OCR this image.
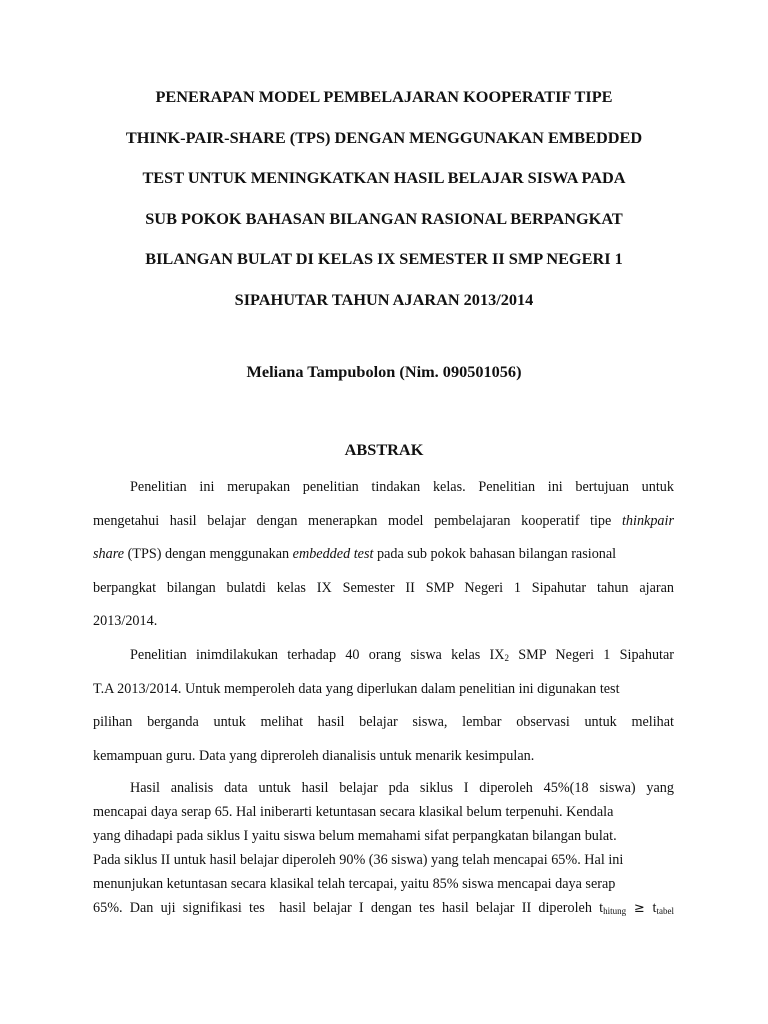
PENERAPAN MODEL PEMBELAJARAN KOOPERATIF TIPE
THINK-PAIR-SHARE (TPS) DENGAN MENGGUNAKAN EMBEDDED
TEST UNTUK MENINGKATKAN HASIL BELAJAR SISWA PADA
SUB POKOK BAHASAN BILANGAN RASIONAL BERPANGKAT
BILANGAN BULAT DI KELAS IX SEMESTER II SMP NEGERI 1
SIPAHUTAR TAHUN AJARAN 2013/2014
Meliana Tampubolon (Nim. 090501056)
ABSTRAK
Penelitian ini merupakan penelitian tindakan kelas. Penelitian ini bertujuan untuk
mengetahui hasil belajar dengan menerapkan model pembelajaran kooperatif tipe thinkpair
share (TPS) dengan menggunakan embedded test pada sub pokok bahasan bilangan rasional
berpangkat bilangan bulatdi kelas IX Semester II SMP Negeri 1 Sipahutar tahun ajaran
2013/2014.
Penelitian inimdilakukan terhadap 40 orang siswa kelas $IX_2$ SMP Negeri 1 Sipahutar
T.A 2013/2014. Untuk memperoleh data yang diperlukan dalam penelitian ini digunakan test
pilihan berganda untuk melihat hasil belajar siswa, lembar observasi untuk melihat
kemampuan guru. Data yang dipreroleh dianalisis untuk menarik kesimpulan.
Hasil analisis data untuk hasil belajar pda siklus I diperoleh 45%(18 siswa) yang
mencapai daya serap 65. Hal iniberarti ketuntasan secara klasikal belum terpenuhi. Kendala
yang dihadapi pada siklus I yaitu siswa belum memahami sifat perpangkatan bilangan bulat.
Pada siklus II untuk hasil belajar diperoleh 90% (36 siswa) yang telah mencapai 65%. Hal ini
menunjukan ketuntasan secara klasikal telah tercapai, yaitu 85% siswa mencapai daya serap
65%. Dan uji signifikasi tes  hasil belajar I dengan tes hasil belajar II diperoleh $t_{hitung} \ge t_{tabel}$
